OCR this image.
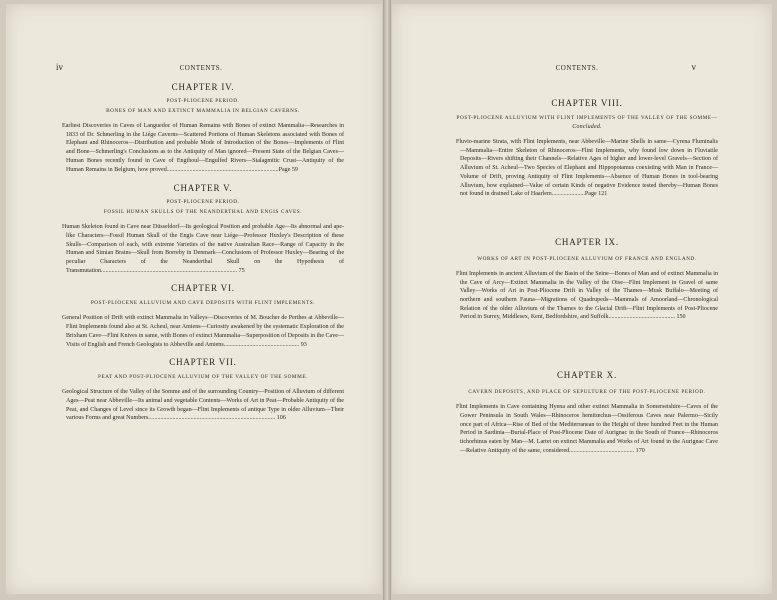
iv	CONTENTS.

CHAPTER IV.

POST-PLIOCENE PERIOD.

BONES OF MAN AND EXTINCT MAMMALIA IN BELGIAN CAVERNS.

Earliest Discoveries in Caves of Languedoc of Human Remains with Bones of extinct Mammalia—Researches in 1833 of Dr. Schmerling in the Liége Caverns—Scattered Portions of Human Skeletons associated with Bones of Elephant and Rhinoceros—Distribution and probable Mode of Introduction of the Bones—Implements of Flint and Bone—Schmerling's Conclusions as to the Antiquity of Man ignored—Present State of the Belgian Caves—Human Bones recently found in Cave of Engihoul—Engulfed Rivers—Stalagmitic Crust—Antiquity of the Human Remains in Belgium, how proved..........................................................................Page 59

CHAPTER V.

POST-PLIOCENE PERIOD.

FOSSIL HUMAN SKULLS OF THE NEANDERTHAL AND ENGIS CAVES.

Human Skeleton found in Cave near Düsseldorf—Its geological Position and probable Age—Its abnormal and ape-like Characters—Fossil Human Skull of the Engis Cave near Liége—Professor Huxley's Description of these Skulls—Comparison of each, with extreme Varieties of the native Australian Race—Range of Capacity in the Human and Simian Brains—Skull from Borreby in Denmark—Conclusions of Professor Huxley—Bearing of the peculiar Characters of the Neanderthal Skull on the Hypothesis of Transmutation.......................................................................................... 75

CHAPTER VI.

POST-PLIOCENE ALLUVIUM AND CAVE DEPOSITS WITH FLINT IMPLEMENTS.

General Position of Drift with extinct Mammalia in Valleys—Discoveries of M. Boucher de Perthes at Abbeville—Flint Implements found also at St. Acheul, near Amiens—Curiosity awakened by the systematic Exploration of the Brixham Cave—Flint Knives in same, with Bones of extinct Mammalia—Superposition of Deposits in the Cave—Visits of English and French Geologists to Abbeville and Amiens.................................................. 93

CHAPTER VII.

PEAT AND POST-PLIOCENE ALLUVIUM OF THE VALLEY OF THE SOMME.

Geological Structure of the Valley of the Somme and of the surrounding Country—Position of Alluvium of different Ages—Peat near Abbeville—Its animal and vegetable Contents—Works of Art in Peat—Probable Antiquity of the Peat, and Changes of Level since its Growth began—Flint Implements of antique Type in older Alluvium—Their various Forms and great Numbers.................................................................................... 106

CONTENTS.	v

CHAPTER VIII.

POST-PLIOCENE ALLUVIUM WITH FLINT IMPLEMENTS OF THE VALLEY OF THE SOMME—Concluded.

Fluvio-marine Strata, with Flint Implements, near Abbeville—Marine Shells in same—Cyrena Fluminalis—Mammalia—Entire Skeleton of Rhinoceros—Flint Implements, why found low down in Fluviatile Deposits—Rivers shifting their Channels—Relative Ages of higher and lower-level Gravels—Section of Alluvium of St. Acheul—Two Species of Elephant and Hippopotamus coexisting with Man in France—Volume of Drift, proving Antiquity of Flint Implements—Absence of Human Bones in tool-bearing Alluvium, how explained—Value of certain Kinds of negative Evidence tested thereby—Human Bones not found in drained Lake of Haarlem......................Page 121

CHAPTER IX.

WORKS OF ART IN POST-PLIOCENE ALLUVIUM OF FRANCE AND ENGLAND.

Flint Implements in ancient Alluvium of the Basin of the Seine—Bones of Man and of extinct Mammalia in the Cave of Arcy—Extinct Mammalia in the Valley of the Oise—Flint Implement in Gravel of same Valley—Works of Art in Post-Pliocene Drift in Valley of the Thames—Musk Buffalo—Meeting of northern and southern Fauna—Migrations of Quadrupeds—Mammals of Amoorland—Chronological Relation of the older Alluvium of the Thames to the Glacial Drift—Flint Implements of Post-Pliocene Period in Surrey, Middlesex, Kent, Bedfordshire, and Suffolk............................................ 150

CHAPTER X.

CAVERN DEPOSITS, AND PLACE OF SEPULTURE OF THE POST-PLIOCENE PERIOD.

Flint Implements in Cave containing Hyena and other extinct Mammalia in Somersetshire—Caves of the Gower Peninsula in South Wales—Rhinoceros hemitœchus—Ossiferous Caves near Palermo—Sicily once part of Africa—Rise of Bed of the Mediterranean to the Height of three hundred Feet in the Human Period in Sardinia—Burial-Place of Post-Pliocene Date of Aurignac in the South of France—Rhinoceros tichorhinus eaten by Man—M. Lartet on extinct Mammalia and Works of Art found in the Aurignac Cave—Relative Antiquity of the same, considered........................................... 170
